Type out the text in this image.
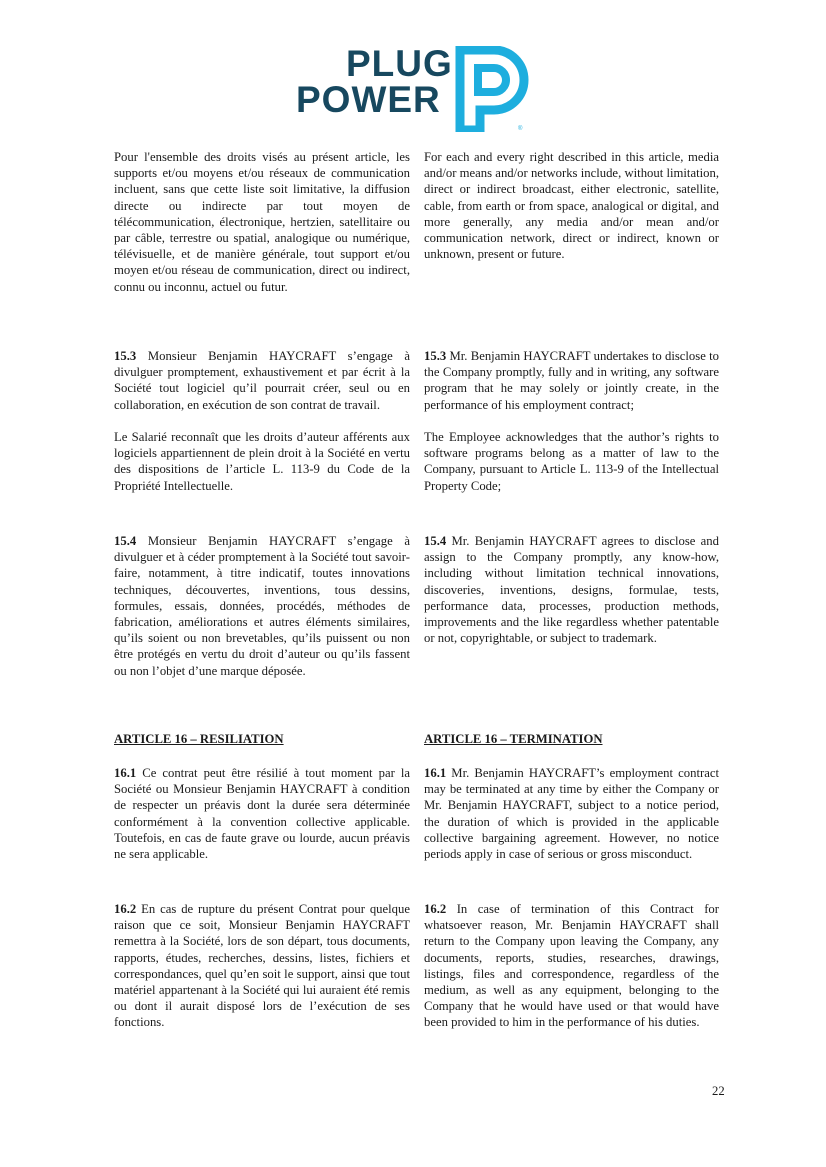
PLUG
POWER
®

Pour l'ensemble des droits visés au présent article, les supports et/ou moyens et/ou réseaux de communication incluent, sans que cette liste soit limitative, la diffusion directe ou indirecte par tout moyen de télécommunication, électronique, hertzien, satellitaire ou par câble, terrestre ou spatial, analogique ou numérique, télévisuelle, et de manière générale, tout support et/ou moyen et/ou réseau de communication, direct ou indirect, connu ou inconnu, actuel ou futur.

For each and every right described in this article, media and/or means and/or networks include, without limitation, direct or indirect broadcast, either electronic, satellite, cable, from earth or from space, analogical or digital, and more generally, any media and/or mean and/or communication network, direct or indirect, known or unknown, present or future.

15.3 Monsieur Benjamin HAYCRAFT s’engage à divulguer promptement, exhaustivement et par écrit à la Société tout logiciel qu’il pourrait créer, seul ou en collaboration, en exécution de son contrat de travail.

Le Salarié reconnaît que les droits d’auteur afférents aux logiciels appartiennent de plein droit à la Société en vertu des dispositions de l’article L. 113-9 du Code de la Propriété Intellectuelle.

15.3 Mr. Benjamin HAYCRAFT undertakes to disclose to the Company promptly, fully and in writing, any software program that he may solely or jointly create, in the performance of his employment contract;

The Employee acknowledges that the author’s rights to software programs belong as a matter of law to the Company, pursuant to Article L. 113-9 of the Intellectual Property Code;

15.4 Monsieur Benjamin HAYCRAFT s’engage à divulguer et à céder promptement à la Société tout savoir-faire, notamment, à titre indicatif, toutes innovations techniques, découvertes, inventions, tous dessins, formules, essais, données, procédés, méthodes de fabrication, améliorations et autres éléments similaires, qu’ils soient ou non brevetables, qu’ils puissent ou non être protégés en vertu du droit d’auteur ou qu’ils fassent ou non l’objet d’une marque déposée.

15.4 Mr. Benjamin HAYCRAFT agrees to disclose and assign to the Company promptly, any know-how, including without limitation technical innovations, discoveries, inventions, designs, formulae, tests, performance data, processes, production methods, improvements and the like regardless whether patentable or not, copyrightable, or subject to trademark.

ARTICLE 16 – RESILIATION	ARTICLE 16 – TERMINATION

16.1 Ce contrat peut être résilié à tout moment par la Société ou Monsieur Benjamin HAYCRAFT à condition de respecter un préavis dont la durée sera déterminée conformément à la convention collective applicable. Toutefois, en cas de faute grave ou lourde, aucun préavis ne sera applicable.

16.1 Mr. Benjamin HAYCRAFT’s employment contract may be terminated at any time by either the Company or Mr. Benjamin HAYCRAFT, subject to a notice period, the duration of which is provided in the applicable collective bargaining agreement. However, no notice periods apply in case of serious or gross misconduct.

16.2 En cas de rupture du présent Contrat pour quelque raison que ce soit, Monsieur Benjamin HAYCRAFT remettra à la Société, lors de son départ, tous documents, rapports, études, recherches, dessins, listes, fichiers et correspondances, quel qu’en soit le support, ainsi que tout matériel appartenant à la Société qui lui auraient été remis ou dont il aurait disposé lors de l’exécution de ses fonctions.

16.2 In case of termination of this Contract for whatsoever reason, Mr. Benjamin HAYCRAFT shall return to the Company upon leaving the Company, any documents, reports, studies, researches, drawings, listings, files and correspondence, regardless of the medium, as well as any equipment, belonging to the Company that he would have used or that would have been provided to him in the performance of his duties.

22
